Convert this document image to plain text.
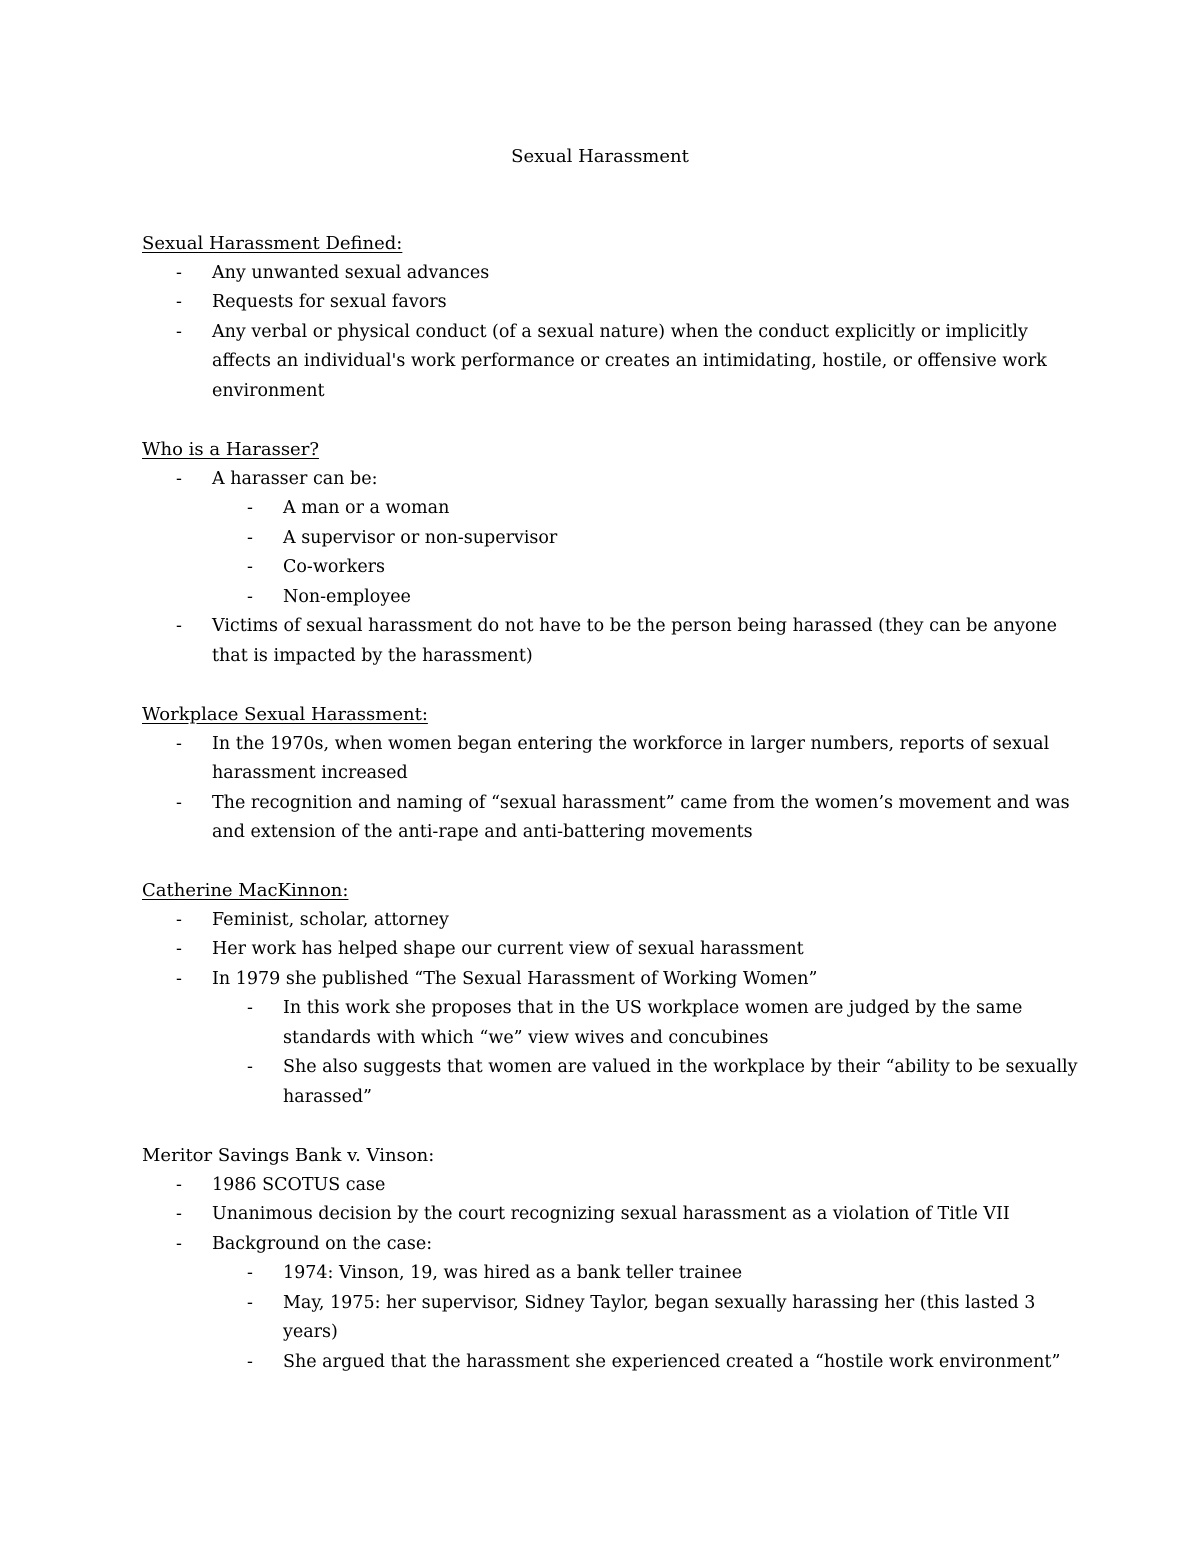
Sexual Harassment
Sexual Harassment Defined:
-	Any unwanted sexual advances
-	Requests for sexual favors
-	Any verbal or physical conduct (of a sexual nature) when the conduct explicitly or implicitly affects an individual's work performance or creates an intimidating, hostile, or offensive work environment
Who is a Harasser?
-	A harasser can be:
-	A man or a woman
-	A supervisor or non-supervisor
-	Co-workers
-	Non-employee
-	Victims of sexual harassment do not have to be the person being harassed (they can be anyone that is impacted by the harassment)
Workplace Sexual Harassment:
-	In the 1970s, when women began entering the workforce in larger numbers, reports of sexual harassment increased
-	The recognition and naming of “sexual harassment” came from the women’s movement and was and extension of the anti-rape and anti-battering movements
Catherine MacKinnon:
-	Feminist, scholar, attorney
-	Her work has helped shape our current view of sexual harassment
-	In 1979 she published “The Sexual Harassment of Working Women”
-	In this work she proposes that in the US workplace women are judged by the same standards with which “we” view wives and concubines
-	She also suggests that women are valued in the workplace by their “ability to be sexually harassed”
Meritor Savings Bank v. Vinson:
-	1986 SCOTUS case
-	Unanimous decision by the court recognizing sexual harassment as a violation of Title VII
-	Background on the case:
-	1974: Vinson, 19, was hired as a bank teller trainee
-	May, 1975: her supervisor, Sidney Taylor, began sexually harassing her (this lasted 3 years)
-	She argued that the harassment she experienced created a “hostile work environment”
